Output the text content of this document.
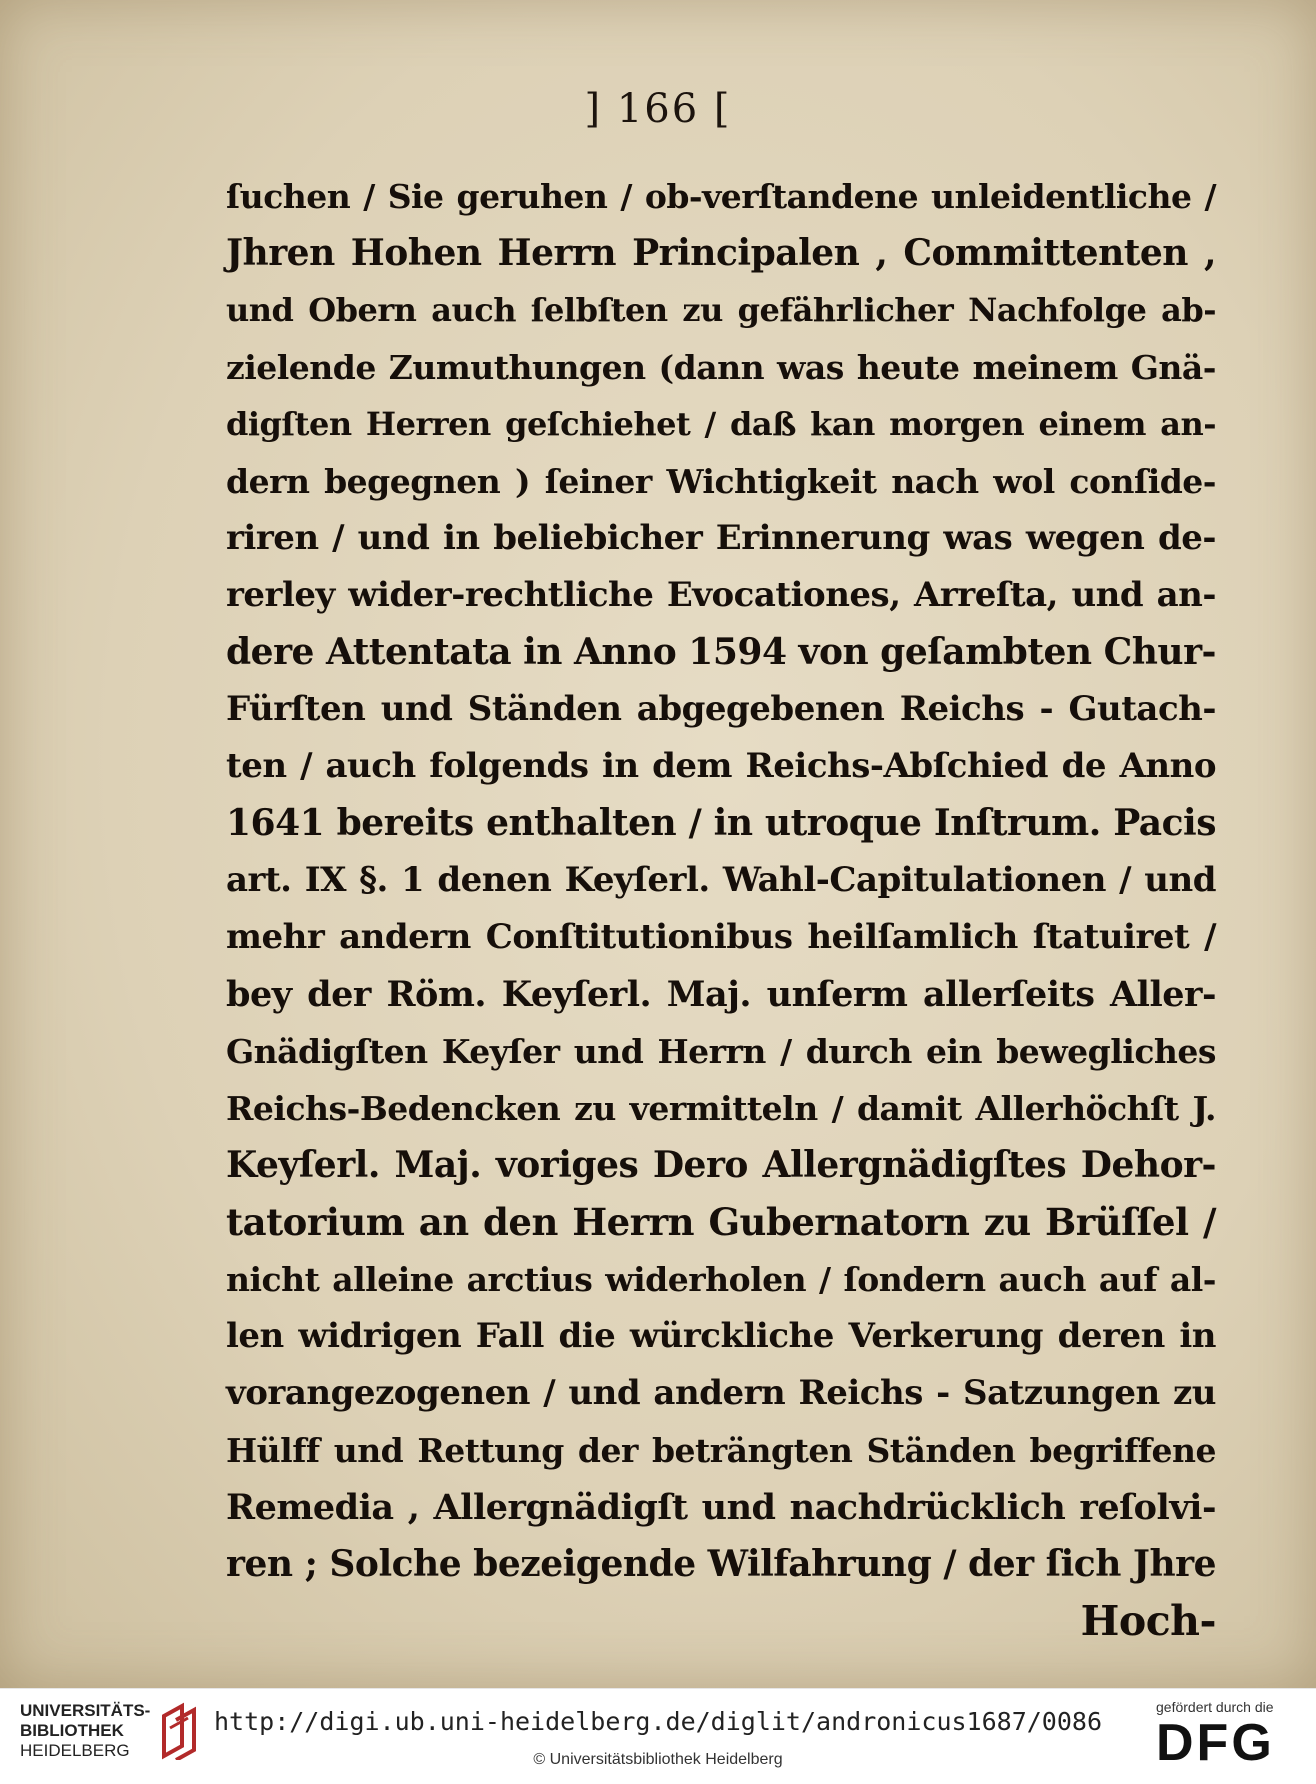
] 166 [
ſuchen / Sie geruhen / ob-verſtandene unleidentliche /
Jhren Hohen Herrn Principalen , Committenten ,
und Obern auch ſelbſten zu gefährlicher Nachfolge ab-
zielende Zumuthungen (dann was heute meinem Gnä-
digſten Herren geſchiehet / daß kan morgen einem an-
dern begegnen ) ſeiner Wichtigkeit nach wol conſide-
riren / und in beliebicher Erinnerung was wegen de-
rerley wider-rechtliche Evocationes, Arreſta, und an-
dere Attentata in Anno 1594 von geſambten Chur-
Fürſten und Ständen abgegebenen Reichs - Gutach-
ten / auch folgends in dem Reichs-Abſchied de Anno
1641 bereits enthalten / in utroque Inſtrum. Pacis
art. IX §. 1 denen Keyſerl. Wahl-Capitulationen / und
mehr andern Conſtitutionibus heilſamlich ſtatuiret /
bey der Röm. Keyſerl. Maj. unſerm allerſeits Aller-
Gnädigſten Keyſer und Herrn / durch ein bewegliches
Reichs-Bedencken zu vermitteln / damit Allerhöchſt J.
Keyſerl. Maj. voriges Dero Allergnädigſtes Dehor-
tatorium an den Herrn Gubernatorn zu Brüſſel /
nicht alleine arctius widerholen / ſondern auch auf al-
len widrigen Fall die würckliche Verkerung deren in
vorangezogenen / und andern Reichs - Satzungen zu
Hülff und Rettung der beträngten Ständen begriffene
Remedia , Allergnädigſt und nachdrücklich reſolvi-
ren ; Solche bezeigende Wilfahrung / der ſich Jhre
Hoch-
UNIVERSITÄTS-
BIBLIOTHEK
HEIDELBERG
http://digi.ub.uni-heidelberg.de/diglit/andronicus1687/0086
© Universitätsbibliothek Heidelberg
gefördert durch die
DFG
